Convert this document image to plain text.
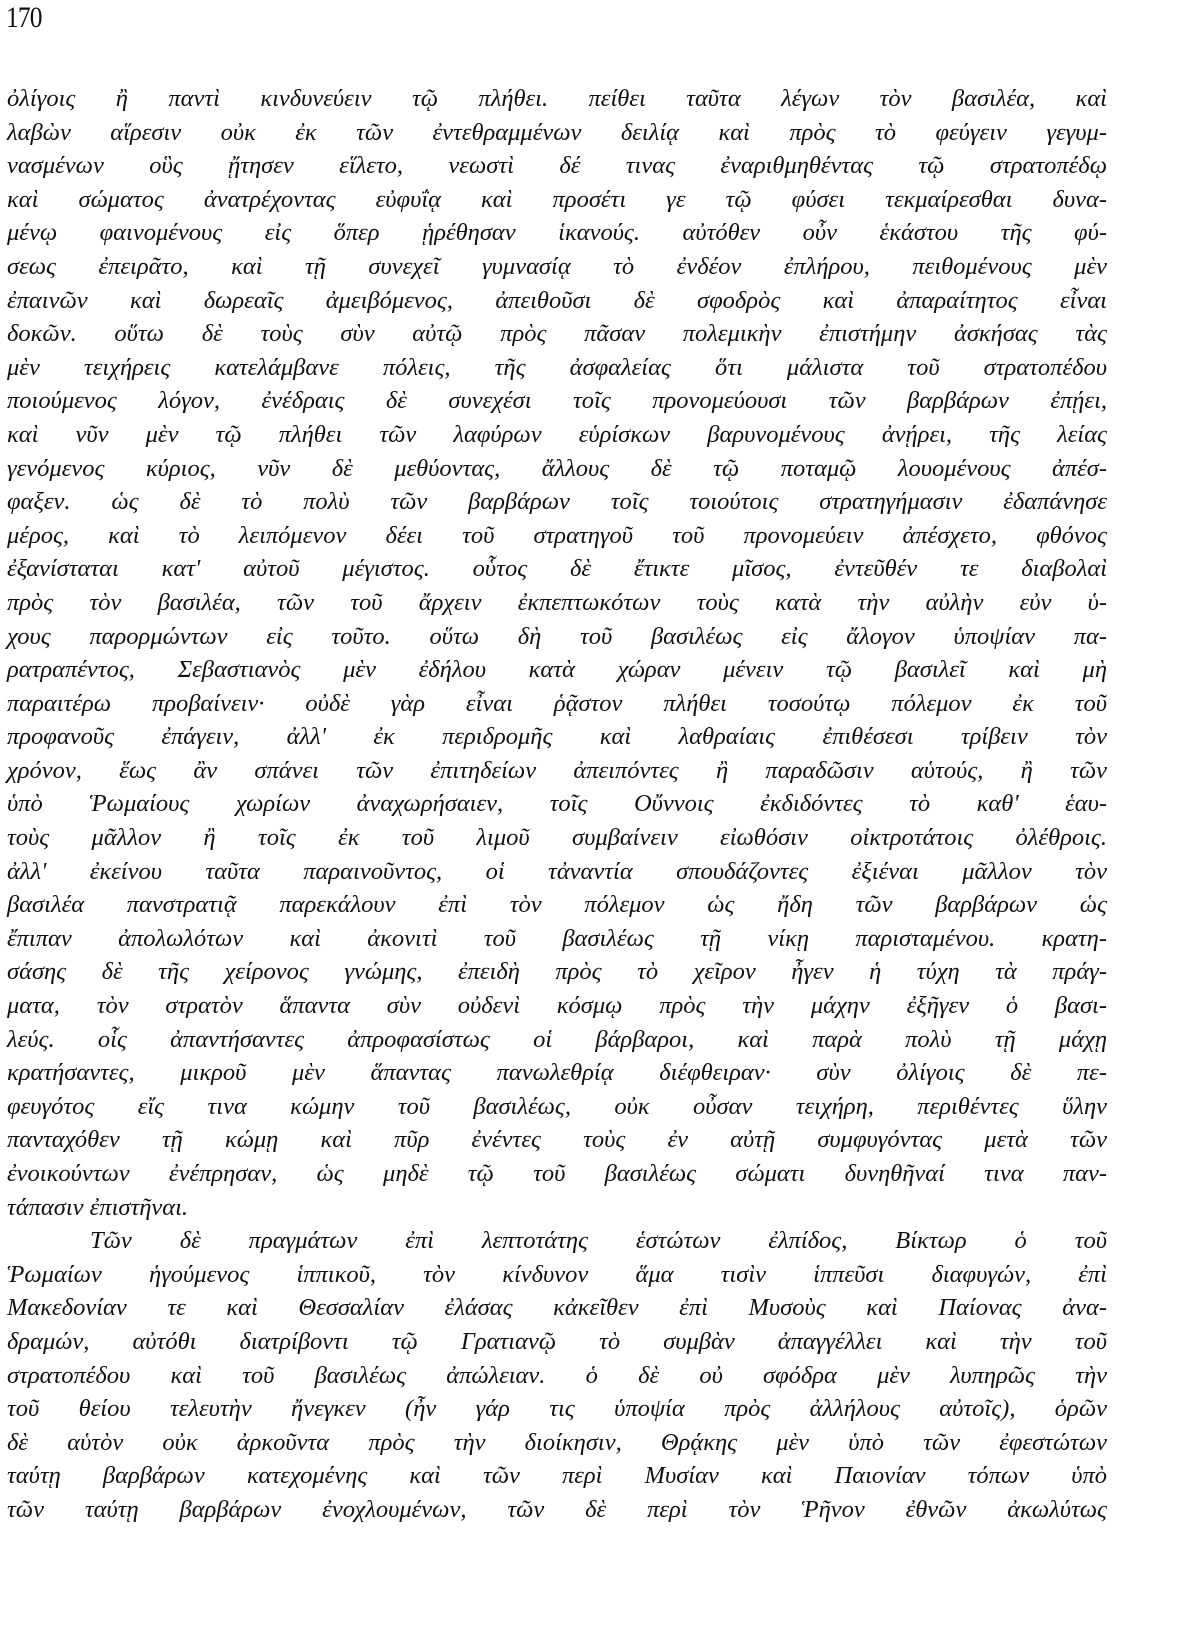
170
ὀλίγοις ἢ παντὶ κινδυνεύειν τῷ πλήθει. πείθει ταῦτα λέγων τὸν βασιλέα, καὶ
λαβὼν αἵρεσιν οὐκ ἐκ τῶν ἐντεθραμμένων δειλίᾳ καὶ πρὸς τὸ φεύγειν γεγυμ-
νασμένων οὓς ᾔτησεν εἵλετο, νεωστὶ δέ τινας ἐναριθμηθέντας τῷ στρατοπέδῳ
καὶ σώματος ἀνατρέχοντας εὐφυΐᾳ καὶ προσέτι γε τῷ φύσει τεκμαίρεσθαι δυνα-
μένῳ φαινομένους εἰς ὅπερ ᾑρέθησαν ἱκανούς. αὐτόθεν οὖν ἑκάστου τῆς φύ-
σεως ἐπειρᾶτο, καὶ τῇ συνεχεῖ γυμνασίᾳ τὸ ἐνδέον ἐπλήρου, πειθομένους μὲν
ἐπαινῶν καὶ δωρεαῖς ἀμειβόμενος, ἀπειθοῦσι δὲ σφοδρὸς καὶ ἀπαραίτητος εἶναι
δοκῶν. οὕτω δὲ τοὺς σὺν αὐτῷ πρὸς πᾶσαν πολεμικὴν ἐπιστήμην ἀσκήσας τὰς
μὲν τειχήρεις κατελάμβανε πόλεις, τῆς ἀσφαλείας ὅτι μάλιστα τοῦ στρατοπέδου
ποιούμενος λόγον, ἐνέδραις δὲ συνεχέσι τοῖς προνομεύουσι τῶν βαρβάρων ἐπῄει,
καὶ νῦν μὲν τῷ πλήθει τῶν λαφύρων εὑρίσκων βαρυνομένους ἀνῄρει, τῆς λείας
γενόμενος κύριος, νῦν δὲ μεθύοντας, ἄλλους δὲ τῷ ποταμῷ λουομένους ἀπέσ-
φαξεν. ὡς δὲ τὸ πολὺ τῶν βαρβάρων τοῖς τοιούτοις στρατηγήμασιν ἐδαπάνησε
μέρος, καὶ τὸ λειπόμενον δέει τοῦ στρατηγοῦ τοῦ προνομεύειν ἀπέσχετο, φθόνος
ἐξανίσταται κατ' αὐτοῦ μέγιστος. οὗτος δὲ ἔτικτε μῖσος, ἐντεῦθέν τε διαβολαὶ
πρὸς τὸν βασιλέα, τῶν τοῦ ἄρχειν ἐκπεπτωκότων τοὺς κατὰ τὴν αὐλὴν εὐν ὑ-
χους παρορμώντων εἰς τοῦτο. οὕτω δὴ τοῦ βασιλέως εἰς ἄλογον ὑποψίαν πα-
ρατραπέντος, Σεβαστιανὸς μὲν ἐδήλου κατὰ χώραν μένειν τῷ βασιλεῖ καὶ μὴ
παραιτέρω προβαίνειν· οὐδὲ γὰρ εἶναι ῥᾷστον πλήθει τοσούτῳ πόλεμον ἐκ τοῦ
προφανοῦς ἐπάγειν, ἀλλ' ἐκ περιδρομῆς καὶ λαθραίαις ἐπιθέσεσι τρίβειν τὸν
χρόνον, ἕως ἂν σπάνει τῶν ἐπιτηδείων ἀπειπόντες ἢ παραδῶσιν αὑτούς, ἢ τῶν
ὑπὸ Ῥωμαίους χωρίων ἀναχωρήσαιεν, τοῖς Οὔννοις ἐκδιδόντες τὸ καθ' ἑαυ-
τοὺς μᾶλλον ἢ τοῖς ἐκ τοῦ λιμοῦ συμβαίνειν εἰωθόσιν οἰκτροτάτοις ὀλέθροις.
ἀλλ' ἐκείνου ταῦτα παραινοῦντος, οἱ τἀναντία σπουδάζοντες ἐξιέναι μᾶλλον τὸν
βασιλέα πανστρατιᾷ παρεκάλουν ἐπὶ τὸν πόλεμον ὡς ἤδη τῶν βαρβάρων ὡς
ἔπιπαν ἀπολωλότων καὶ ἀκονιτὶ τοῦ βασιλέως τῇ νίκῃ παρισταμένου. κρατη-
σάσης δὲ τῆς χείρονος γνώμης, ἐπειδὴ πρὸς τὸ χεῖρον ἦγεν ἡ τύχη τὰ πράγ-
ματα, τὸν στρατὸν ἅπαντα σὺν οὐδενὶ κόσμῳ πρὸς τὴν μάχην ἐξῆγεν ὁ βασι-
λεύς. οἷς ἀπαντήσαντες ἀπροφασίστως οἱ βάρβαροι, καὶ παρὰ πολὺ τῇ μάχῃ
κρατήσαντες, μικροῦ μὲν ἅπαντας πανωλεθρίᾳ διέφθειραν· σὺν ὀλίγοις δὲ πε-
φευγότος εἴς τινα κώμην τοῦ βασιλέως, οὐκ οὖσαν τειχήρη, περιθέντες ὕλην
πανταχόθεν τῇ κώμῃ καὶ πῦρ ἐνέντες τοὺς ἐν αὐτῇ συμφυγόντας μετὰ τῶν
ἐνοικούντων ἐνέπρησαν, ὡς μηδὲ τῷ τοῦ βασιλέως σώματι δυνηθῆναί τινα παν-
τάπασιν ἐπιστῆναι.
Τῶν δὲ πραγμάτων ἐπὶ λεπτοτάτης ἑστώτων ἐλπίδος, Βίκτωρ ὁ τοῦ
Ῥωμαίων ἡγούμενος ἱππικοῦ, τὸν κίνδυνον ἅμα τισὶν ἱππεῦσι διαφυγών, ἐπὶ
Μακεδονίαν τε καὶ Θεσσαλίαν ἐλάσας κἀκεῖθεν ἐπὶ Μυσοὺς καὶ Παίονας ἀνα-
δραμών, αὐτόθι διατρίβοντι τῷ Γρατιανῷ τὸ συμβὰν ἀπαγγέλλει καὶ τὴν τοῦ
στρατοπέδου καὶ τοῦ βασιλέως ἀπώλειαν. ὁ δὲ οὐ σφόδρα μὲν λυπηρῶς τὴν
τοῦ θείου τελευτὴν ἤνεγκεν (ἦν γάρ τις ὑποψία πρὸς ἀλλήλους αὐτοῖς), ὁρῶν
δὲ αὑτὸν οὐκ ἀρκοῦντα πρὸς τὴν διοίκησιν, Θρᾴκης μὲν ὑπὸ τῶν ἐφεστώτων
ταύτῃ βαρβάρων κατεχομένης καὶ τῶν περὶ Μυσίαν καὶ Παιονίαν τόπων ὑπὸ
τῶν ταύτῃ βαρβάρων ἐνοχλουμένων, τῶν δὲ περὶ τὸν Ῥῆνον ἐθνῶν ἀκωλύτως
